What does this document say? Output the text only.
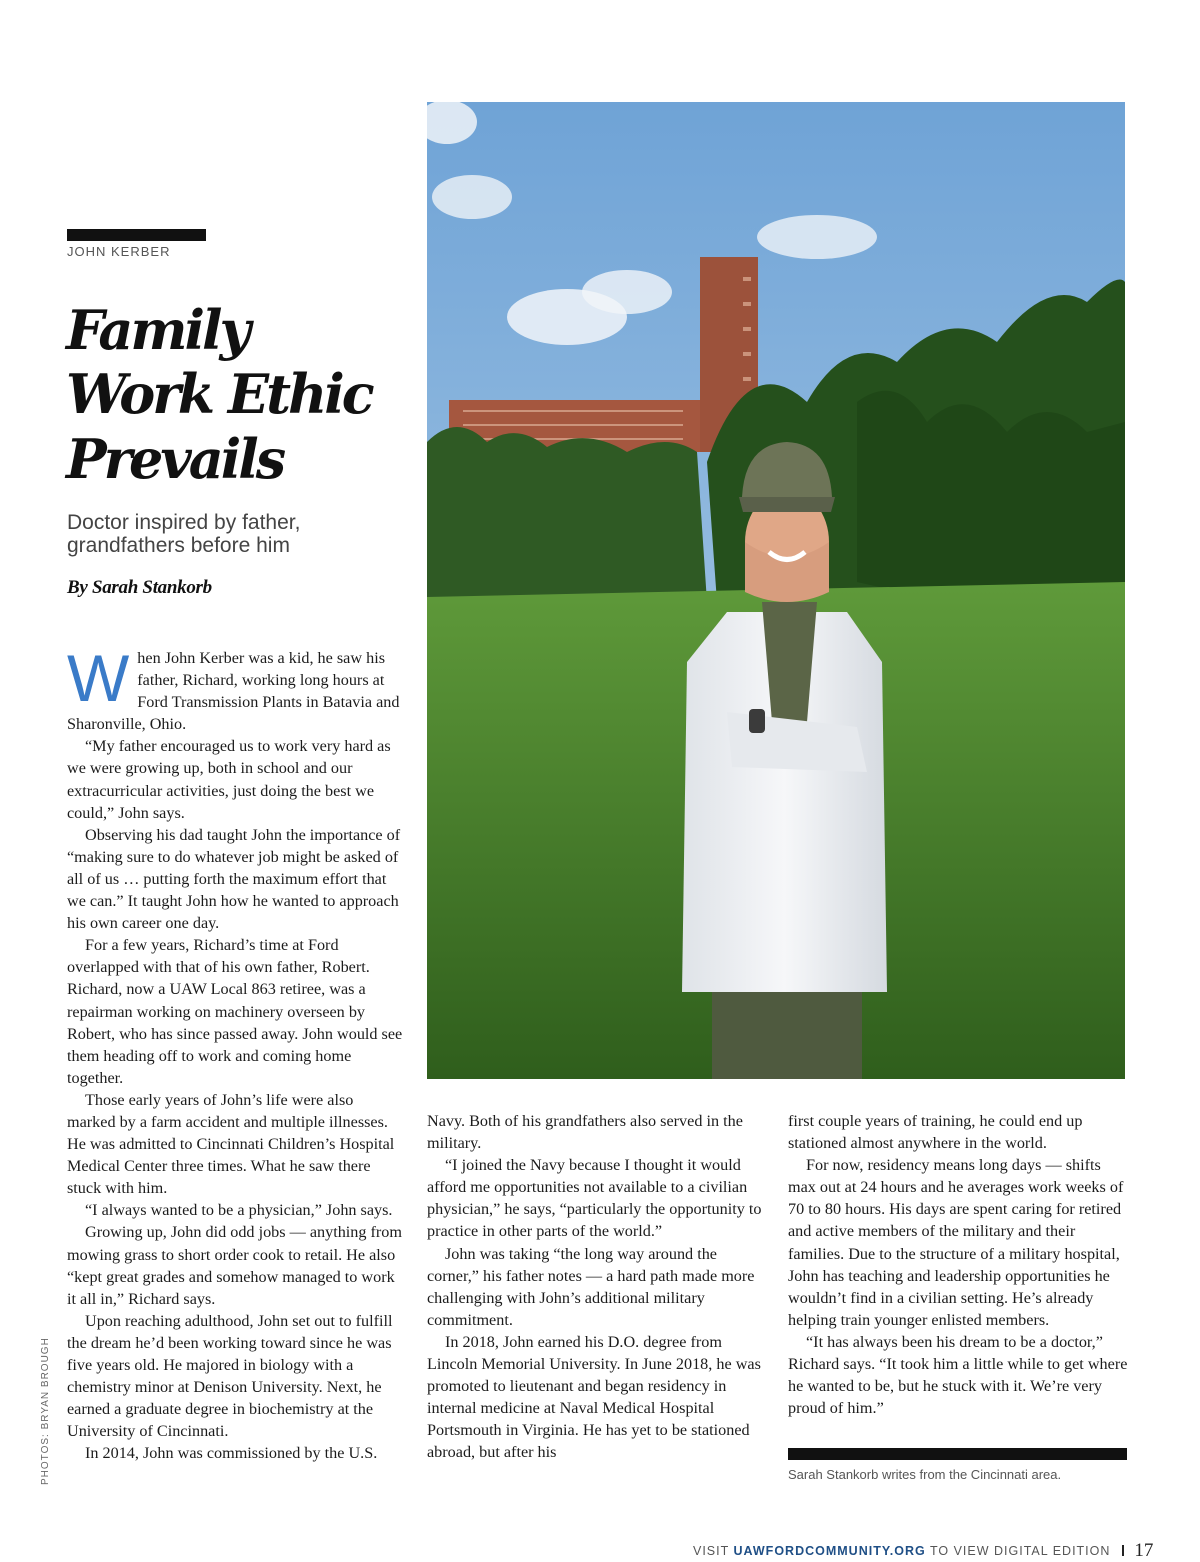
JOHN KERBER
Family
Work Ethic
Prevails
Doctor inspired by father,
grandfathers before him
By Sarah Stankorb

When John Kerber was a kid, he saw his father, Richard, working long hours at Ford Transmission Plants in Batavia and Sharonville, Ohio.

“My father encouraged us to work very hard as we were growing up, both in school and our extracurricular activities, just doing the best we could,” John says.

Observing his dad taught John the importance of “making sure to do whatever job might be asked of all of us … putting forth the maximum effort that we can.” It taught John how he wanted to approach his own career one day.

For a few years, Richard’s time at Ford overlapped with that of his own father, Robert. Richard, now a UAW Local 863 retiree, was a repairman working on machinery overseen by Robert, who has since passed away. John would see them heading off to work and coming home together.

Those early years of John’s life were also marked by a farm accident and multiple illnesses. He was admitted to Cincinnati Children’s Hospital Medical Center three times. What he saw there stuck with him.

“I always wanted to be a physician,” John says.

Growing up, John did odd jobs — anything from mowing grass to short order cook to retail. He also “kept great grades and somehow managed to work it all in,” Richard says.

Upon reaching adulthood, John set out to fulfill the dream he’d been working toward since he was five years old. He majored in biology with a chemistry minor at Denison University. Next, he earned a graduate degree in biochemistry at the University of Cincinnati.

In 2014, John was commissioned by the U.S.

Navy. Both of his grandfathers also served in the military.

“I joined the Navy because I thought it would afford me opportunities not available to a civilian physician,” he says, “particularly the opportunity to practice in other parts of the world.”

John was taking “the long way around the corner,” his father notes — a hard path made more challenging with John’s additional military commitment.

In 2018, John earned his D.O. degree from Lincoln Memorial University. In June 2018, he was promoted to lieutenant and began residency in internal medicine at Naval Medical Hospital Portsmouth in Virginia. He has yet to be stationed abroad, but after his

first couple years of training, he could end up stationed almost anywhere in the world.

For now, residency means long days — shifts max out at 24 hours and he averages work weeks of 70 to 80 hours. His days are spent caring for retired and active members of the military and their families. Due to the structure of a military hospital, John has teaching and leadership opportunities he wouldn’t find in a civilian setting. He’s already helping train younger enlisted members.

“It has always been his dream to be a doctor,” Richard says. “It took him a little while to get where he wanted to be, but he stuck with it. We’re very proud of him.”

Sarah Stankorb writes from the Cincinnati area.
PHOTOS: BRYAN BROUGH
VISIT UAWFORDCOMMUNITY.ORG TO VIEW DIGITAL EDITION 17
